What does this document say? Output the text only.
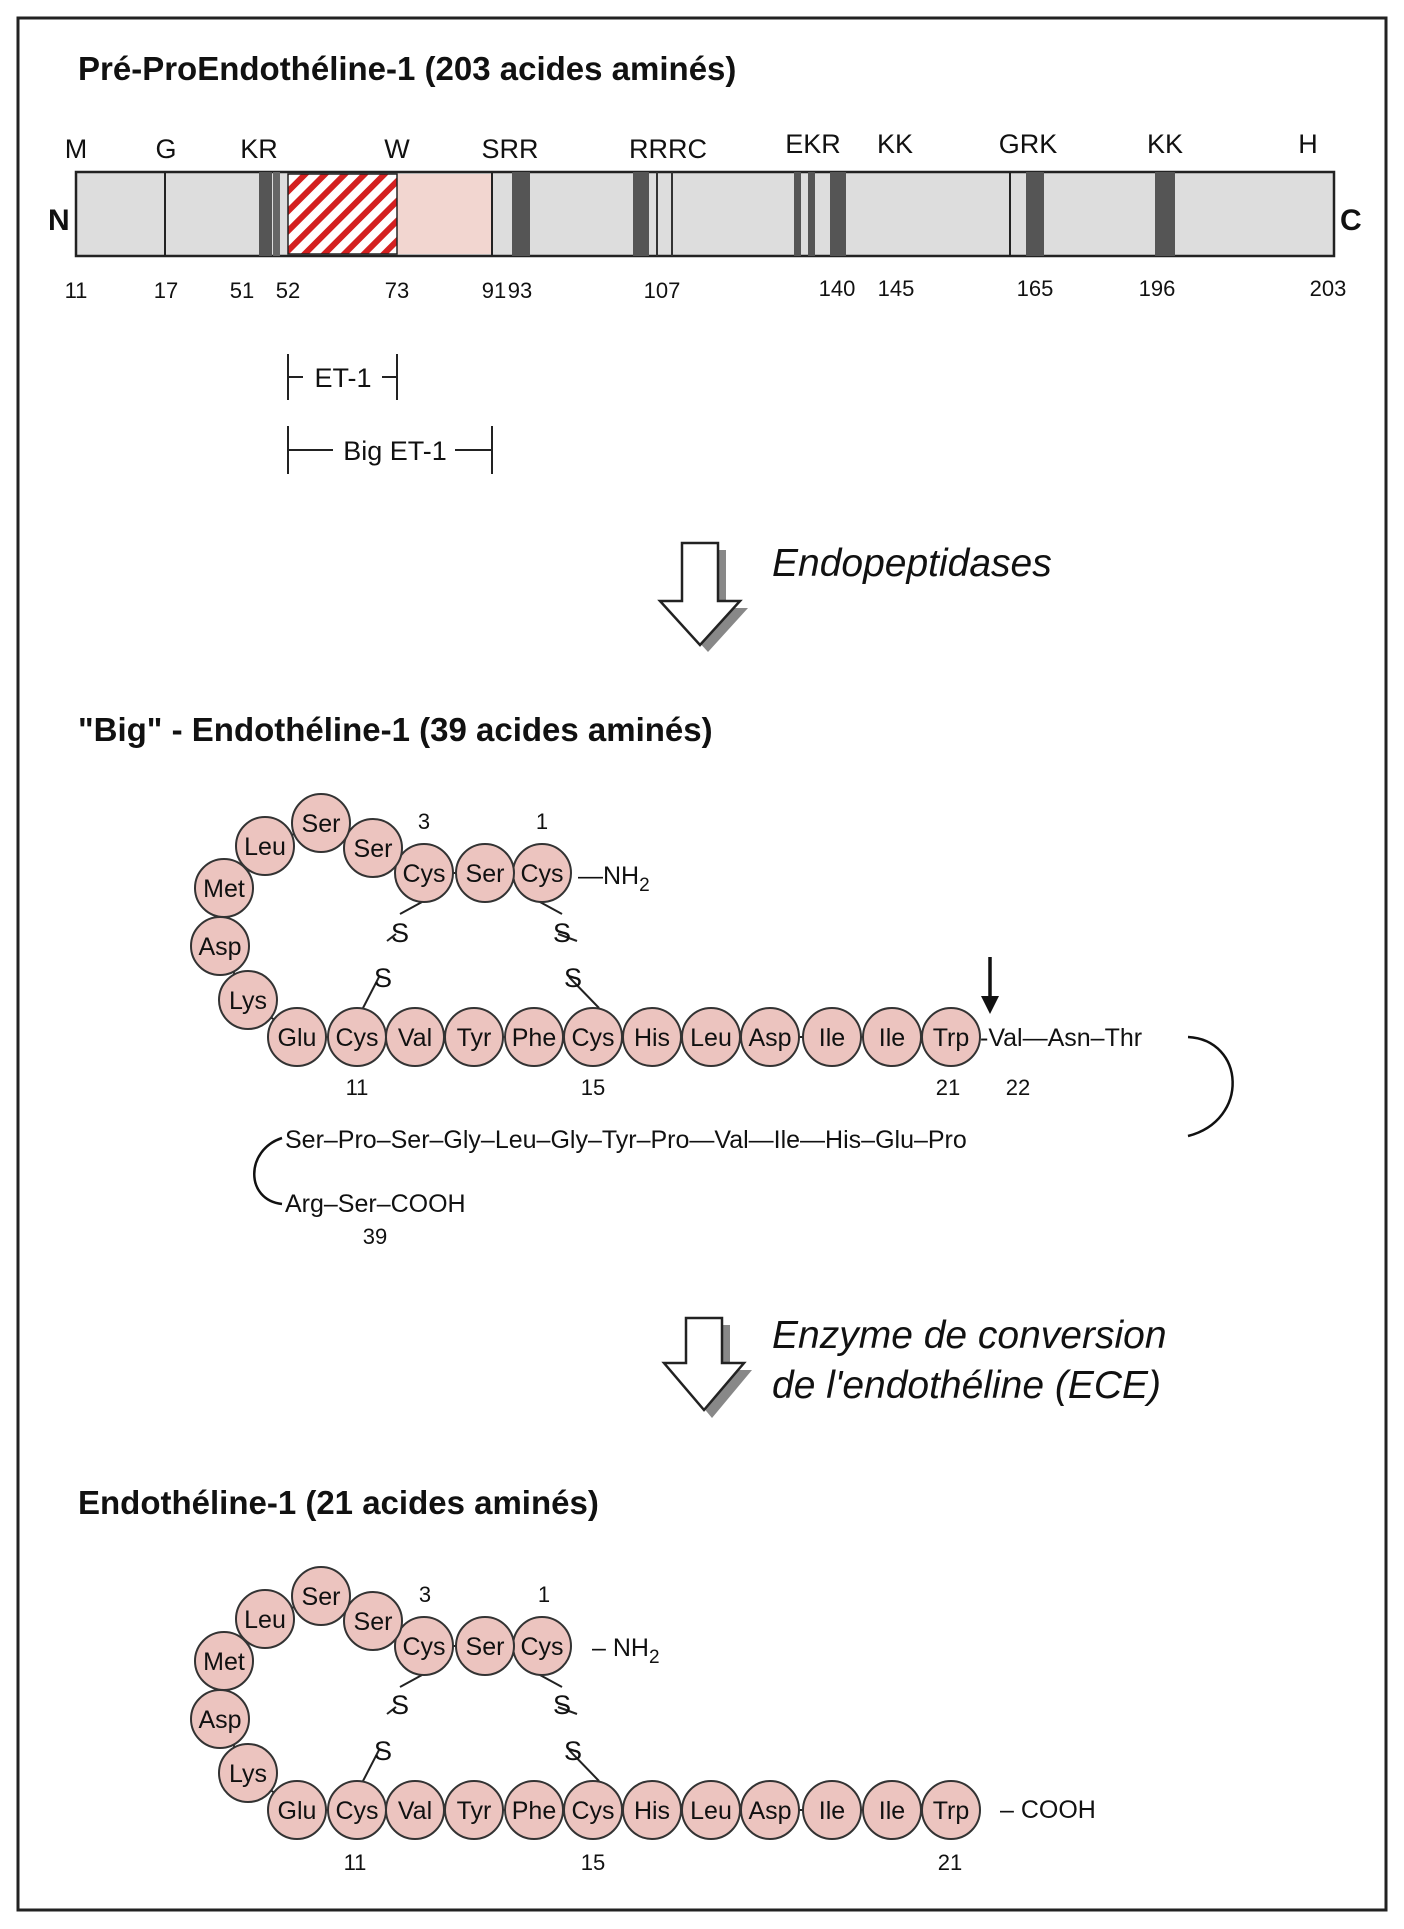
Pré-ProEndothéline-1 (203 acides aminés)
N	C
M	G KR	W	SRR	RRRC	EKR KK	GRK	KK	H
11	17 51 52	73	91 93	107	140 145	165	196	203
ET-1
Big ET-1
Endopeptidases
"Big" - Endothéline-1 (39 acides aminés)
Cys
Ser
Cys
Ser
Ser
Leu
Met
Asp
Lys
Glu Cys Val Tyr Phe Cys His Leu Asp Ile Ile Trp
$—NH_2$
1
3
11	15	21 22
39
S
S
S
S
-Val—Asn–Thr
Ser–Pro–Ser–Gly–Leu–Gly–Tyr–Pro—Val—Ile—His–Glu–Pro
Arg–Ser–COOH
Enzyme de conversion
de l'endothéline (ECE)
Endothéline-1 (21 acides aminés)
Cys
Ser
Cys
Ser
Ser
Leu
Met
Asp
Lys
Glu Cys Val Tyr Phe Cys His Leu Asp Ile Ile Trp
– $NH_2$
– COOH
1
3
11	15	21
S
S
S
S
